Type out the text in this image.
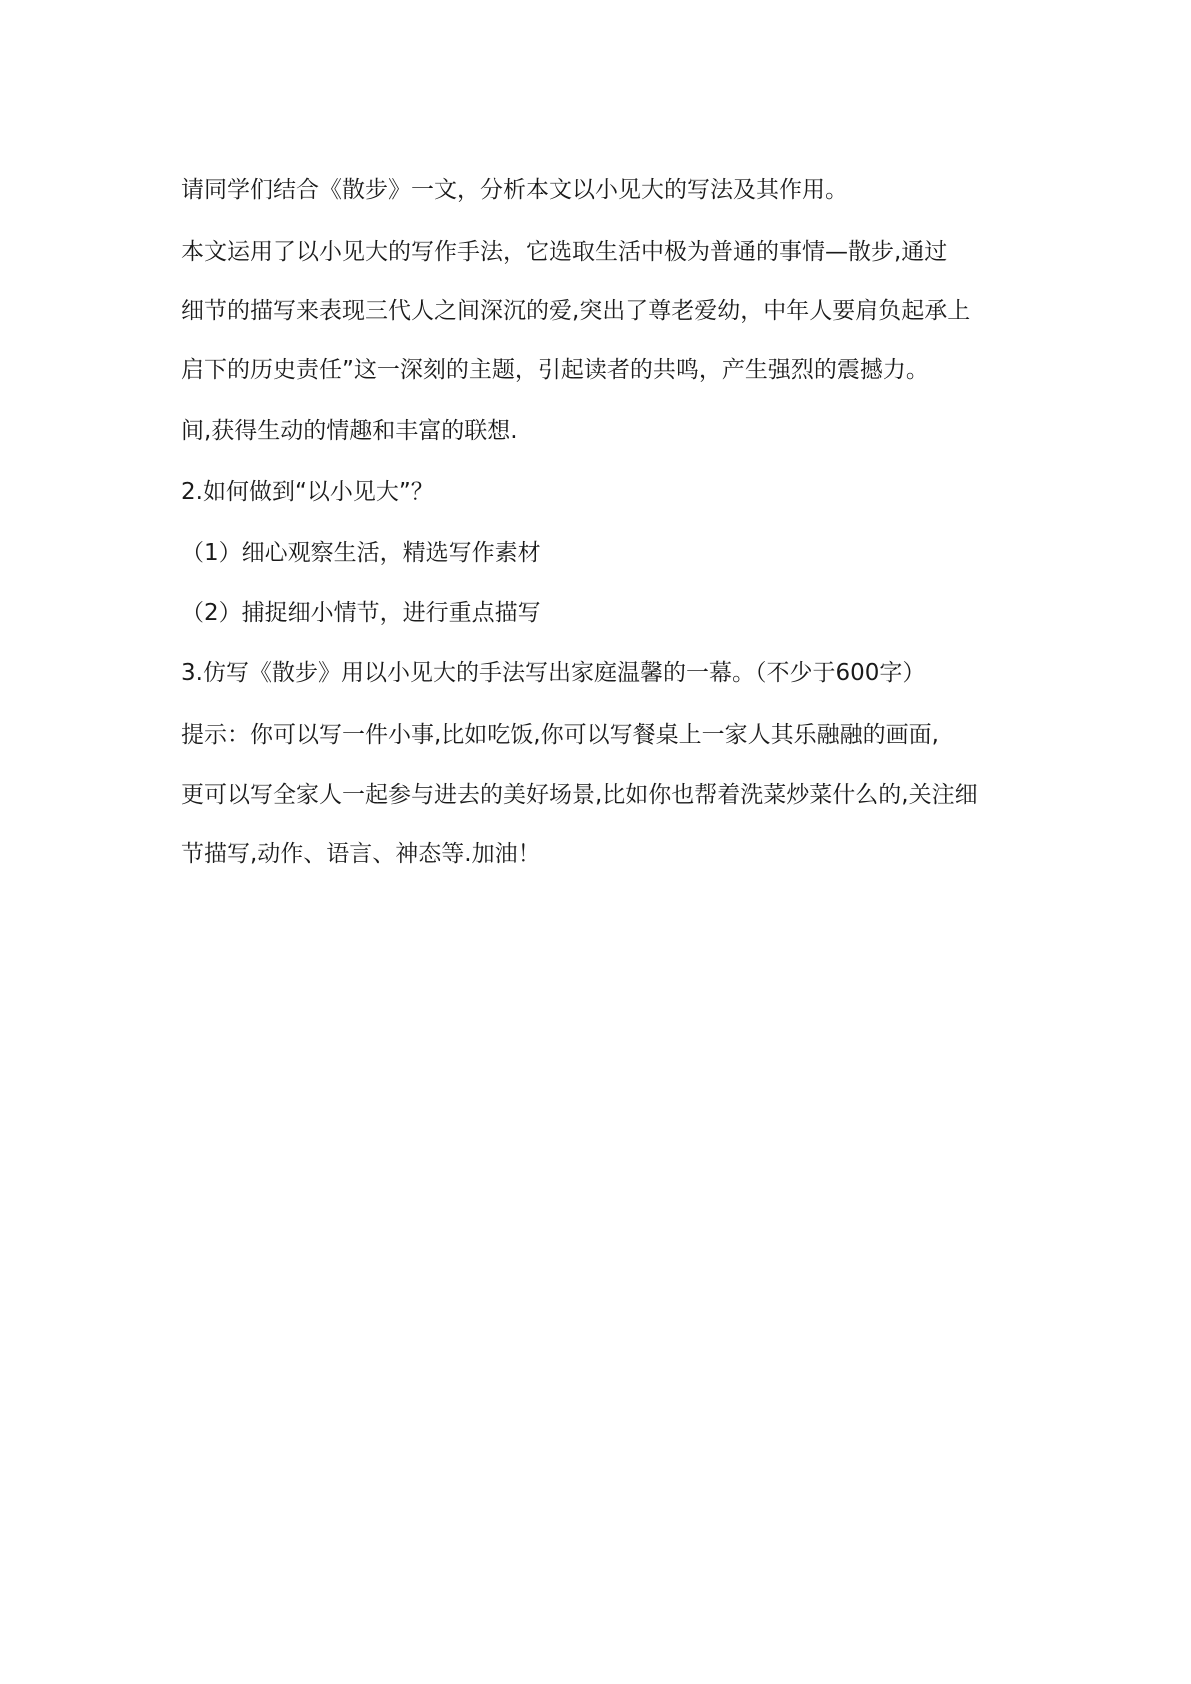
请同学们结合《散步》一文，分析本文以小见大的写法及其作用。
本文运用了以小见大的写作手法，它选取生活中极为普通的事情—散步,通过
细节的描写来表现三代人之间深沉的爱,突出了尊老爱幼，中年人要肩负起承上
启下的历史责任”这一深刻的主题，引起读者的共鸣，产生强烈的震撼力。
间,获得生动的情趣和丰富的联想.
2.如何做到“以小见大”？
（1）细心观察生活，精选写作素材
（2）捕捉细小情节，进行重点描写
3.仿写《散步》用以小见大的手法写出家庭温馨的一幕。（不少于600字）
提示：你可以写一件小事,比如吃饭,你可以写餐桌上一家人其乐融融的画面,
更可以写全家人一起参与进去的美好场景,比如你也帮着洗菜炒菜什么的,关注细
节描写,动作、语言、神态等.加油！
